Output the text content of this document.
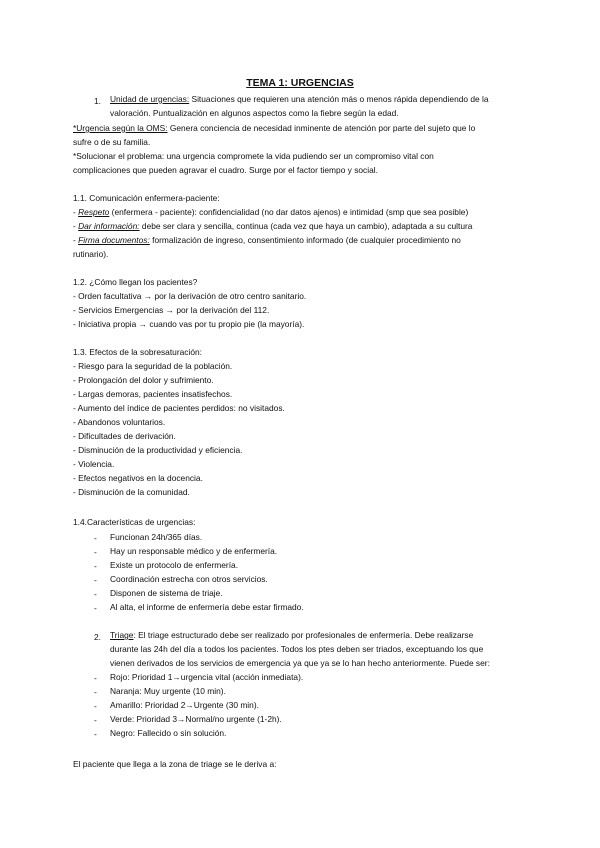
TEMA 1: URGENCIAS
1. Unidad de urgencias: Situaciones que requieren una atención más o menos rápida dependiendo de la
valoración. Puntualización en algunos aspectos como la fiebre según la edad.
*Urgencia según la OMS: Genera conciencia de necesidad inminente de atención por parte del sujeto que lo
sufre o de su familia.
*Solucionar el problema: una urgencia compromete la vida pudiendo ser un compromiso vital con
complicaciones que pueden agravar el cuadro. Surge por el factor tiempo y social.
1.1. Comunicación enfermera-paciente:
- Respeto (enfermera - paciente): confidencialidad (no dar datos ajenos) e intimidad (smp que sea posible)
- Dar información: debe ser clara y sencilla, continua (cada vez que haya un cambio), adaptada a su cultura
- Firma documentos: formalización de ingreso, consentimiento informado (de cualquier procedimiento no
rutinario).
1.2. ¿Cómo llegan los pacientes?
- Orden facultativa → por la derivación de otro centro sanitario.
- Servicios Emergencias → por la derivación del 112.
- Iniciativa propia → cuando vas por tu propio pie (la mayoría).
1.3. Efectos de la sobresaturación:
- Riesgo para la seguridad de la población.
- Prolongación del dolor y sufrimiento.
- Largas demoras, pacientes insatisfechos.
- Aumento del índice de pacientes perdidos: no visitados.
- Abandonos voluntarios.
- Dificultades de derivación.
- Disminución de la productividad y eficiencia.
- Violencia.
- Efectos negativos en la docencia.
- Disminución de la comunidad.
1.4.Características de urgencias:
- Funcionan 24h/365 días.
- Hay un responsable médico y de enfermería.
- Existe un protocolo de enfermería.
- Coordinación estrecha con otros servicios.
- Disponen de sistema de triaje.
- Al alta, el informe de enfermería debe estar firmado.
2. Triage: El triage estructurado debe ser realizado por profesionales de enfermería. Debe realizarse
durante las 24h del día a todos los pacientes. Todos los ptes deben ser triados, exceptuando los que
vienen derivados de los servicios de emergencia ya que ya se lo han hecho anteriormente. Puede ser:
- Rojo: Prioridad 1→urgencia vital (acción inmediata).
- Naranja: Muy urgente (10 min).
- Amarillo: Prioridad 2→Urgente (30 min).
- Verde: Prioridad 3→Normal/no urgente (1-2h).
- Negro: Fallecido o sin solución.
El paciente que llega a la zona de triage se le deriva a:
